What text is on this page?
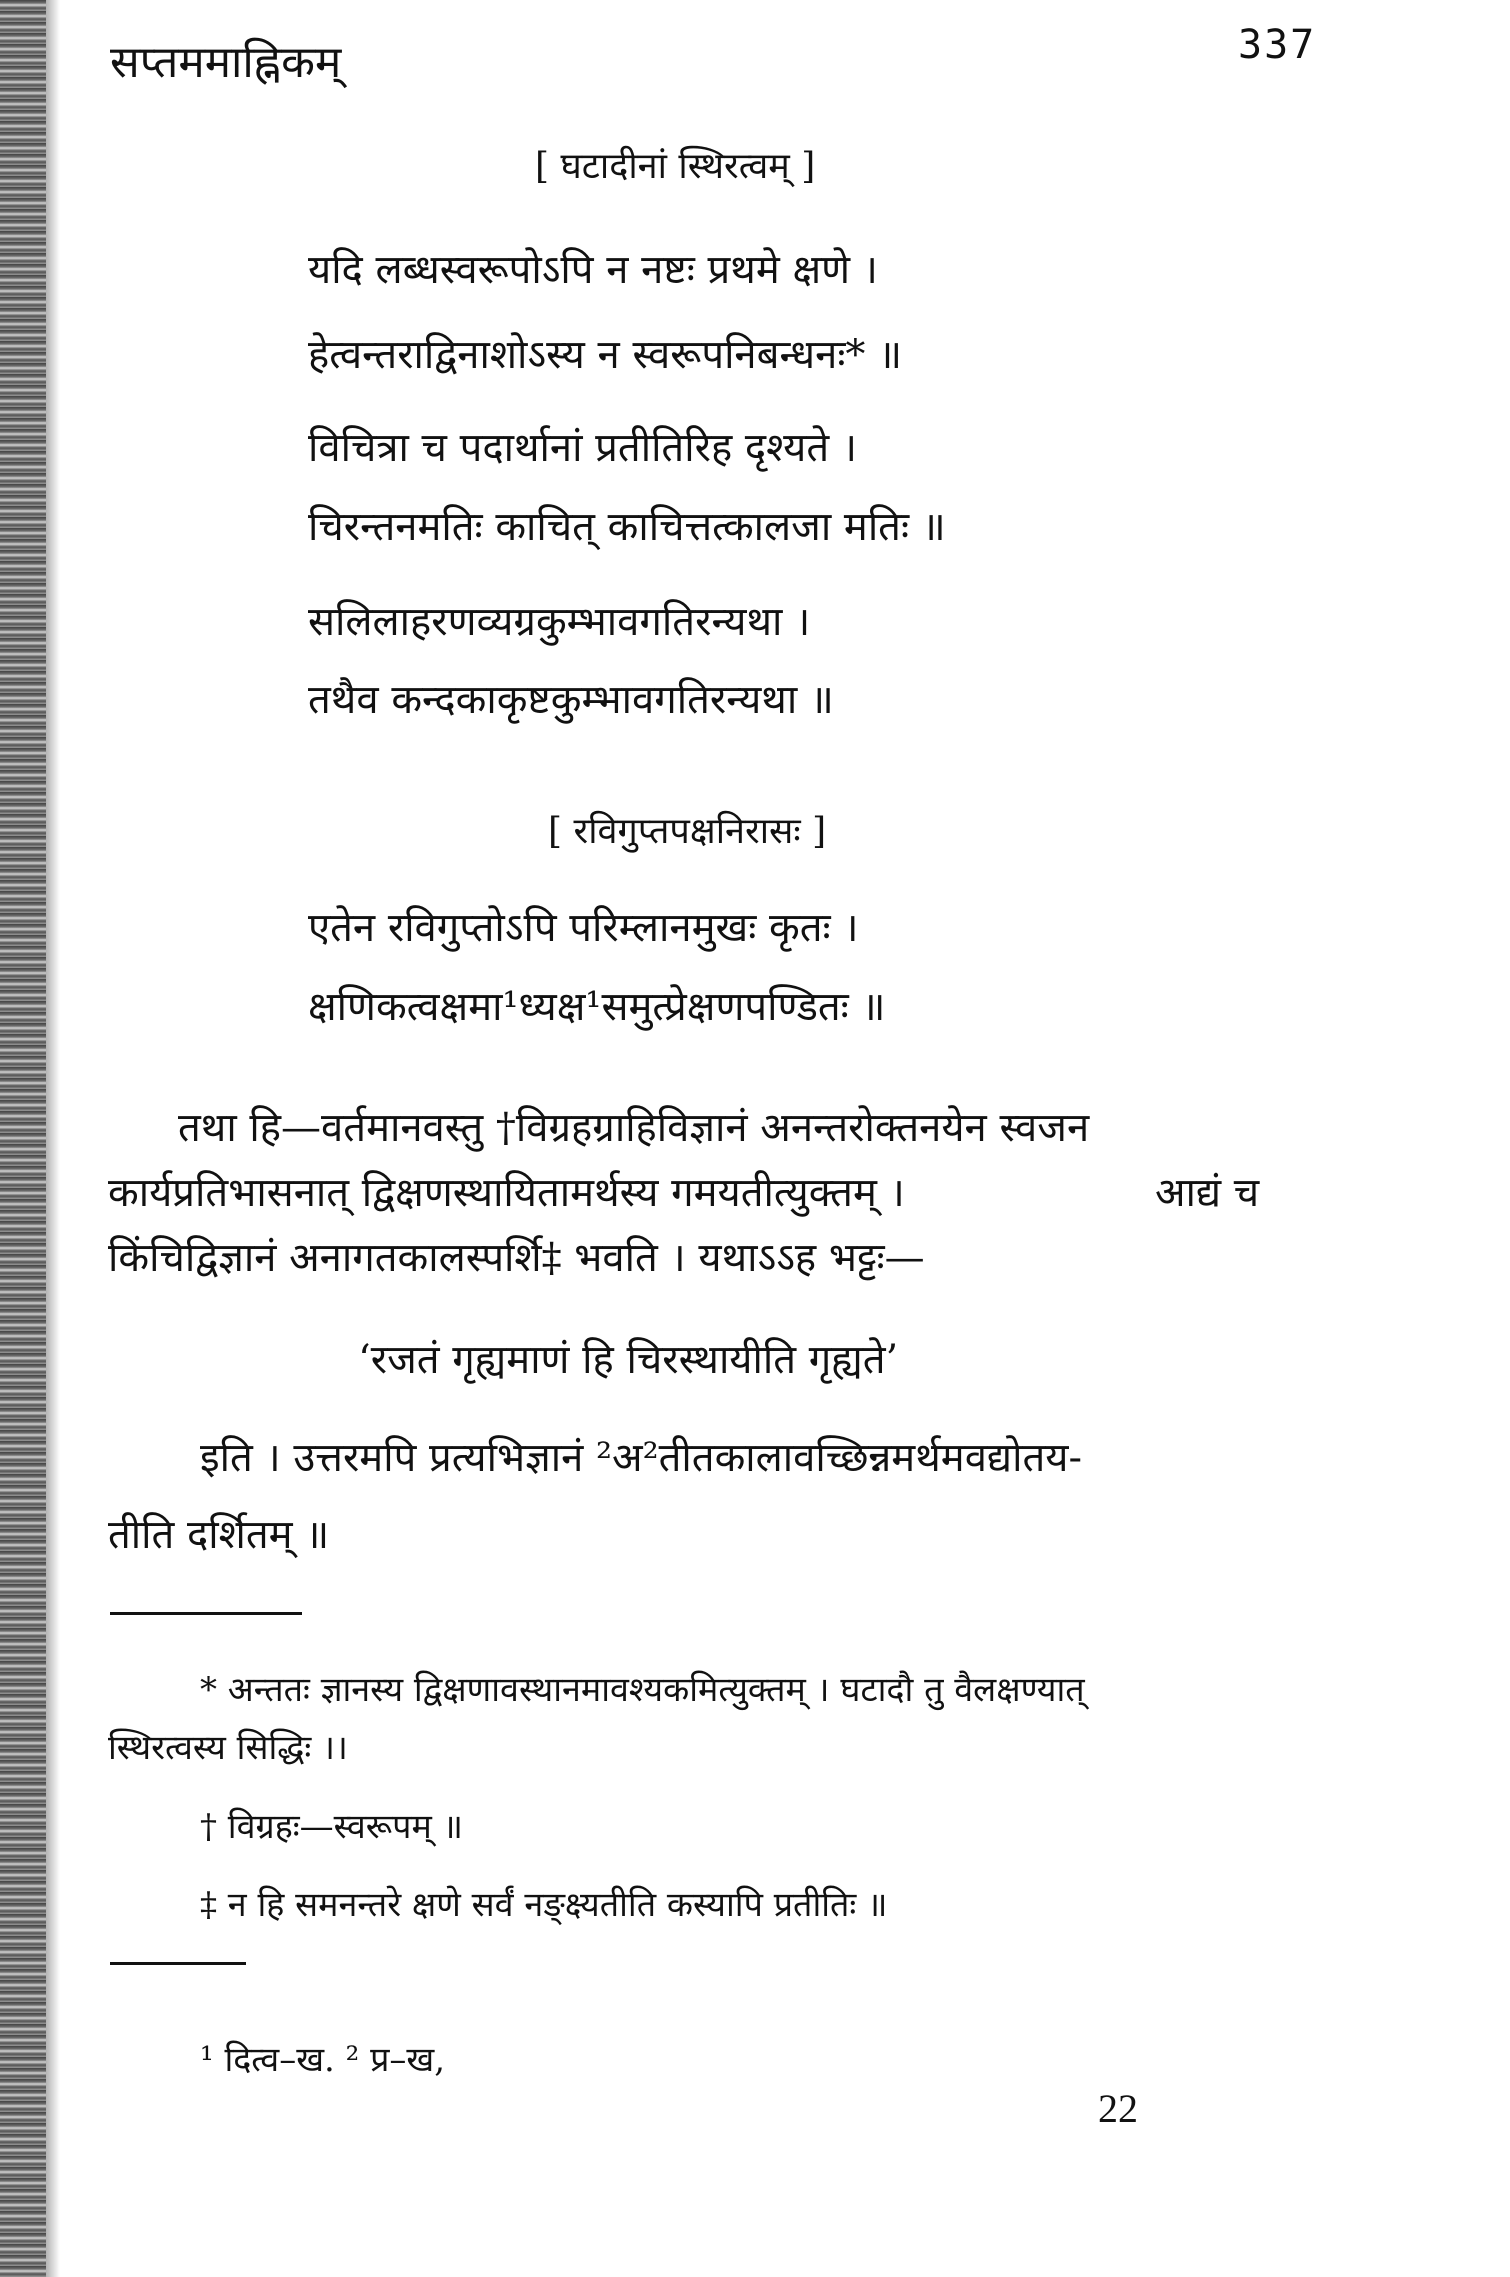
सप्तममाह्निकम्	337
[ घटादीनां स्थिरत्वम् ]
यदि लब्धस्वरूपोऽपि न नष्टः प्रथमे क्षणे ।
हेत्वन्तराद्विनाशोऽस्य न स्वरूपनिबन्धनः* ॥
विचित्रा च पदार्थानां प्रतीतिरिह दृश्यते ।
चिरन्तनमतिः काचित् काचित्तत्कालजा मतिः ॥
सलिलाहरणव्यग्रकुम्भावगतिरन्यथा ।
तथैव कन्दकाकृष्टकुम्भावगतिरन्यथा ॥
[ रविगुप्तपक्षनिरासः ]
एतेन रविगुप्तोऽपि परिम्लानमुखः कृतः ।
क्षणिकत्वक्षमा¹ध्यक्ष¹समुत्प्रेक्षणपण्डितः ॥
तथा हि—वर्तमानवस्तु †विग्रहग्राहिविज्ञानं अनन्तरोक्तनयेन स्वजन
कार्यप्रतिभासनात् द्विक्षणस्थायितामर्थस्य गमयतीत्युक्तम् ।	आद्यं च
किंचिद्विज्ञानं अनागतकालस्पर्शि‡ भवति । यथाऽऽह भट्टः—
‘रजतं गृह्यमाणं हि चिरस्थायीति गृह्यते’
इति । उत्तरमपि प्रत्यभिज्ञानं ²अ²तीतकालावच्छिन्नमर्थमवद्योतय-
तीति दर्शितम् ॥
* अन्ततः ज्ञानस्य द्विक्षणावस्थानमावश्यकमित्युक्तम् । घटादौ तु वैलक्षण्यात्
स्थिरत्वस्य सिद्धिः ।।
† विग्रहः—स्वरूपम् ॥
‡ न हि समनन्तरे क्षणे सर्वं नङ्क्ष्यतीति कस्यापि प्रतीतिः ॥
¹ दित्व–ख. ² प्र–ख,
22
